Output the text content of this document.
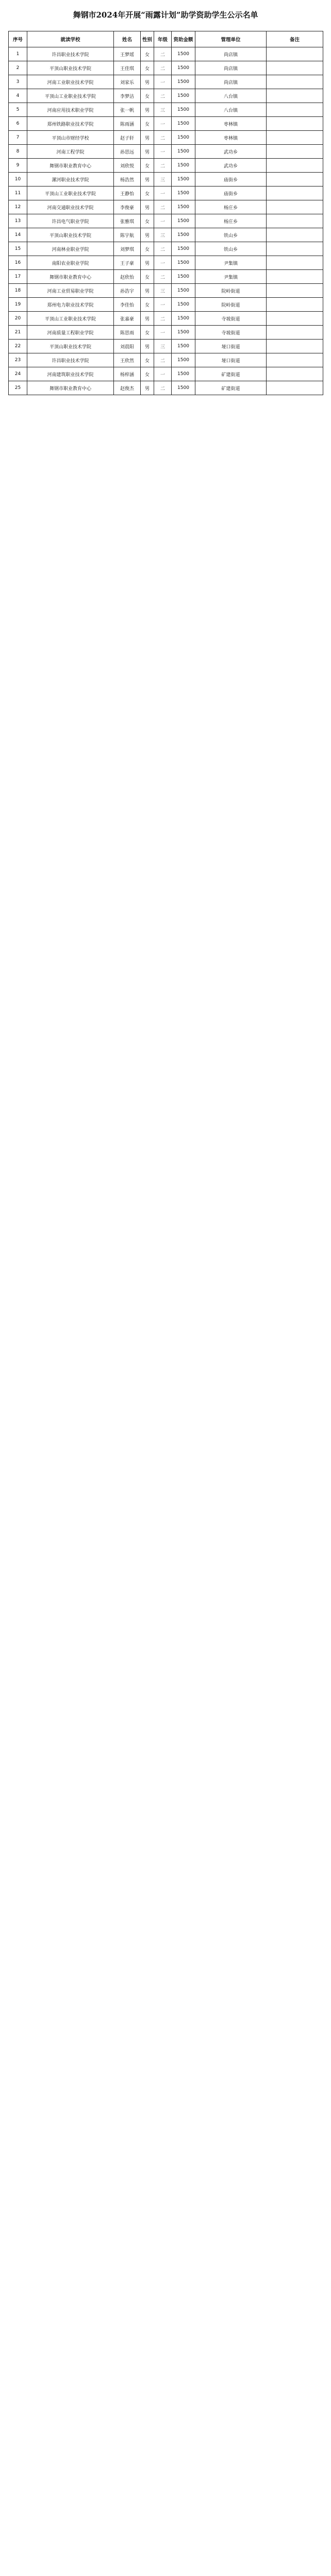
舞钢市2024年开展“雨露计划”助学资助学生公示名单
序号	就读学校	姓名	性别	年级	资助金额	管理单位	备注
1	许昌职业技术学院	王梦瑶	女	二	1500	尚店镇	
2	平顶山职业技术学院	王佳琪	女	二	1500	尚店镇	
3	河南工业职业技术学院	刘家乐	男	一	1500	尚店镇	
4	平顶山工业职业技术学院	李梦洁	女	二	1500	八台镇	
5	河南应用技术职业学院	张一帆	男	三	1500	八台镇	
6	郑州铁路职业技术学院	陈雨涵	女	一	1500	枣林镇	
7	平顶山市财经学校	赵子轩	男	二	1500	枣林镇	
8	河南工程学院	孙思远	男	一	1500	武功乡	
9	舞钢市职业教育中心	刘欣悦	女	二	1500	武功乡	
10	漯河职业技术学院	杨浩然	男	三	1500	庙街乡	
11	平顶山工业职业技术学院	王静怡	女	一	1500	庙街乡	
12	河南交通职业技术学院	李俊豪	男	二	1500	杨庄乡	
13	许昌电气职业学院	张雅琪	女	一	1500	杨庄乡	
14	平顶山职业技术学院	陈宇航	男	三	1500	铁山乡	
15	河南林业职业学院	刘梦琪	女	二	1500	铁山乡	
16	南阳农业职业学院	王子豪	男	一	1500	尹集镇	
17	舞钢市职业教育中心	赵欣怡	女	二	1500	尹集镇	
18	河南工业贸易职业学院	孙浩宇	男	三	1500	院岭街道	
19	郑州电力职业技术学院	李佳怡	女	一	1500	院岭街道	
20	平顶山工业职业技术学院	张嘉豪	男	二	1500	寺坡街道	
21	河南质量工程职业学院	陈思雨	女	一	1500	寺坡街道	
22	平顶山职业技术学院	刘晨阳	男	三	1500	垭口街道	
23	许昌职业技术学院	王欣然	女	二	1500	垭口街道	
24	河南建筑职业技术学院	杨梓涵	女	一	1500	矿建街道	
25	舞钢市职业教育中心	赵俊杰	男	二	1500	矿建街道	
